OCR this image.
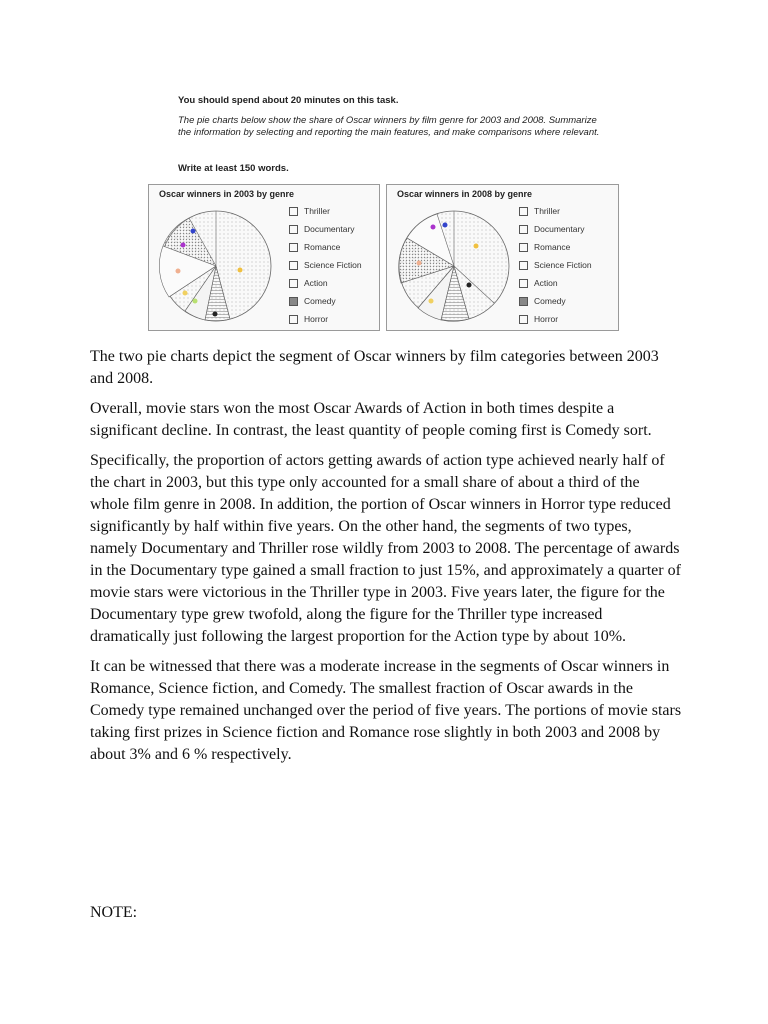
You should spend about 20 minutes on this task.
The pie charts below show the share of Oscar winners by film genre for 2003 and 2008. Summarize the information by selecting and reporting the main features, and make comparisons where relevant.
Write at least 150 words.
Oscar winners in 2003 by genre
Thriller
Documentary
Romance
Science Fiction
Action
Comedy
Horror
Oscar winners in 2008 by genre
Thriller
Documentary
Romance
Science Fiction
Action
Comedy
Horror

The two pie charts depict the segment of Oscar winners by film categories between 2003 and 2008.

Overall, movie stars won the most Oscar Awards of Action in both times despite a significant decline. In contrast, the least quantity of people coming first is Comedy sort.

Specifically, the proportion of actors getting awards of action type achieved nearly half of the chart in 2003, but this type only accounted for a small share of about a third of the whole film genre in 2008. In addition, the portion of Oscar winners in Horror type reduced significantly by half within five years. On the other hand, the segments of two types, namely Documentary and Thriller rose wildly from 2003 to 2008. The percentage of awards in the Documentary type gained a small fraction to just 15%, and approximately a quarter of movie stars were victorious in the Thriller type in 2003. Five years later, the figure for the Documentary type grew twofold, along the figure for the Thriller type increased dramatically just following the largest proportion for the Action type by about 10%.

It can be witnessed that there was a moderate increase in the segments of Oscar winners in Romance, Science fiction, and Comedy. The smallest fraction of Oscar awards in the Comedy type remained unchanged over the period of five years. The portions of movie stars taking first prizes in Science fiction and Romance rose slightly in both 2003 and 2008 by about 3% and 6 % respectively.

NOTE:
